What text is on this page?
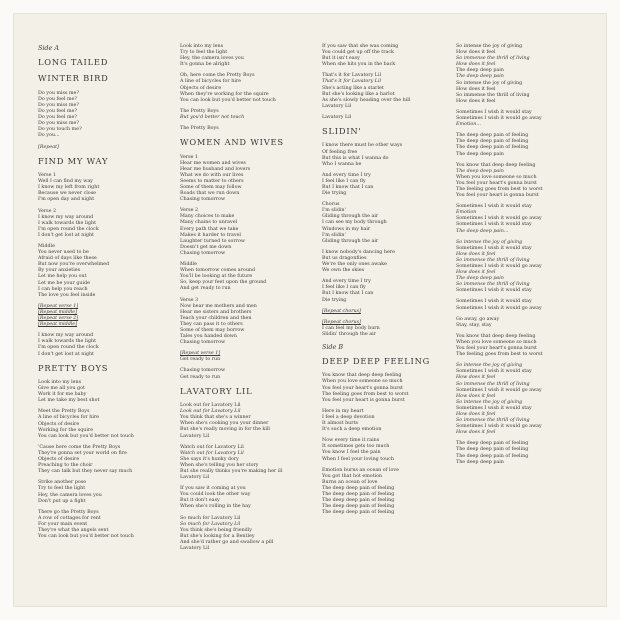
Side A
LONG TAILED
WINTER BIRD
Do you miss me?
Do you feel me?
Do you miss me?
Do you feel me?
Do you feel me?
Do you miss me?
Do you touch me?
Do you...
[Repeat]
FIND MY WAY
Verse 1
Well I can find my way
I know my left from right
Because we never close
I'm open day and night
Verse 2
I know my way around
I walk towards the light
I'm open round the clock
I don't get lost at night
Middle
You never used to be
Afraid of days like these
But now you're overwhelmed
By your anxieties
Let me help you out
Let me be your guide
I can help you reach
The love you feel inside
[Repeat verse 1]
[Repeat middle]
[Repeat verse 2]
[Repeat middle]
I know my way around
I walk towards the light
I'm open round the clock
I don't get lost at night
PRETTY BOYS
Look into my lens
Give me all you got
Work it for me baby
Let me take my best shot
Meet the Pretty Boys
A line of bicycles for hire
Objects of desire
Working for the squire
You can look but you'd better not touch
'Cause here come the Pretty Boys
They're gonna set your world on fire
Objects of desire
Preaching to the choir
They can talk but they never say much
Strike another pose
Try to feel the light
Hey, the camera loves you
Don't put up a fight
There go the Pretty Boys
A row of cottages for rent
For your main event
They're what the angels sent
You can look but you'd better not touch
Look into my lens
Try to feel the light
Hey, the camera loves you
It's gonna be alright
Oh, here come the Pretty Boys
A line of bicycles for hire
Objects of desire
When they're working for the squire
You can look but you'd better not touch
The Pretty Boys
But you'd better not touch
The Pretty Boys
WOMEN AND WIVES
Verse 1
Hear me women and wives
Hear me husband and lovers
What we do with our lives
Seems to matter to others
Some of them may follow
Roads that we run down
Chasing tomorrow
Verse 2
Many choices to make
Many chains to unravel
Every path that we take
Makes it harder to travel
Laughter turned to sorrow
Doesn't get me down
Chasing tomorrow
Middle
When tomorrow comes around
You'll be looking at the future
So, keep your feet upon the ground
And get ready to run
Verse 3
Now hear me mothers and men
Hear me sisters and brothers
Teach your children and then
They can pass it to others
Some of them may borrow
Tales you handed down
Chasing tomorrow
[Repeat verse 1]
Get ready to run
Chasing tomorrow
Get ready to run
LAVATORY LIL
Look out for Lavatory Lil
Look out for Lavatory Lil
You think that she's a winner
When she's cooking you your dinner
But she's really moving in for the kill
Lavatory Lil
Watch out for Lavatory Lil
Watch out for Lavatory Lil
She says it's hunky dory
When she's telling you her story
But she really thinks you're making her ill
Lavatory Lil
If you saw it coming at you
You could look the other way
But it don't easy
When she's rolling in the hay
So much for Lavatory Lil
So much for Lavatory Lil
You think she's being friendly
But she's looking for a Bentley
And she'd rather go and swallow a pill
Lavatory Lil
If you saw that she was coming
You could get up off the track
But it isn't easy
When she hits you in the back
That's it for Lavatory Lil
That's it for Lavatory Lil
She's acting like a starlet
But she's looking like a harlot
As she's slowly heading over the hill
Lavatory Lil
Lavatory Lil
SLIDIN'
I know there must be other ways
Of feeling free
But this is what I wanna do
Who I wanna be
And every time I try
I feel like I can fly
But I know that I can
Die trying
Chorus
I'm slidin'
Gliding through the air
I can see my body through
Windows in my hair
I'm slidin'
Gliding through the air
I know nobody's dancing here
But us dragonflies
We're the only ones awake
We own the skies
And every time I try
I feel like I can fly
But I know that I can
Die trying
[Repeat chorus]
[Repeat chorus]
I can feel my body burn
Slidin' through the air
Side B
DEEP DEEP FEELING
You know that deep deep feeling
When you love someone so much
You feel your heart's gonna burst
The feeling goes from best to worst
You feel your heart is gonna burst
Here in my heart
I feel a deep devotion
It almost hurts
It's such a deep emotion
Now every time it rains
It sometimes gets too much
You know I feel the pain
When I feel your loving touch
Emotion burns an ocean of love
You got that hot emotion
Burns an ocean of love
The deep deep pain of feeling
The deep deep pain of feeling
The deep deep pain of feeling
The deep deep pain of feeling
The deep deep pain of feeling
So intense the joy of giving
How does it feel
So immense the thrill of living
How does it feel
The deep deep pain
The deep deep pain
So intense the joy of giving
How does it feel
So immense the thrill of living
How does it feel
Sometimes I wish it would stay
Sometimes I wish it would go away
Emotion...
The deep deep pain of feeling
The deep deep pain of feeling
The deep deep pain of feeling
The deep deep pain
You know that deep deep feeling
The deep deep pain
When you love someone so much
You feel your heart's gonna burst
The feeling goes from best to worst
You feel your heart is gonna burst
Sometimes I wish it would stay
Emotion
Sometimes I wish it would go away
Sometimes I wish it would stay
The deep deep pain...
So intense the joy of giving
Sometimes I wish it would stay
How does it feel
So immense the thrill of living
Sometimes I wish it would go away
How does it feel
The deep deep pain
So immense the thrill of living
Sometimes I wish it would stay
Sometimes I wish it would stay
Sometimes I wish it would go away
Go away, go away
Stay, stay, stay
You know that deep deep feeling
When you love someone so much
You feel your heart's gonna burst
The feeling goes from best to worst
So intense the joy of giving
Sometimes I wish it would stay
How does it feel
So immense the thrill of living
Sometimes I wish it would go away
How does it feel
So intense the joy of giving
Sometimes I wish it would stay
How does it feel
So immense the thrill of living
Sometimes I wish it would go away
How does it feel
The deep deep pain of feeling
The deep deep pain of feeling
The deep deep pain of feeling
The deep deep pain
